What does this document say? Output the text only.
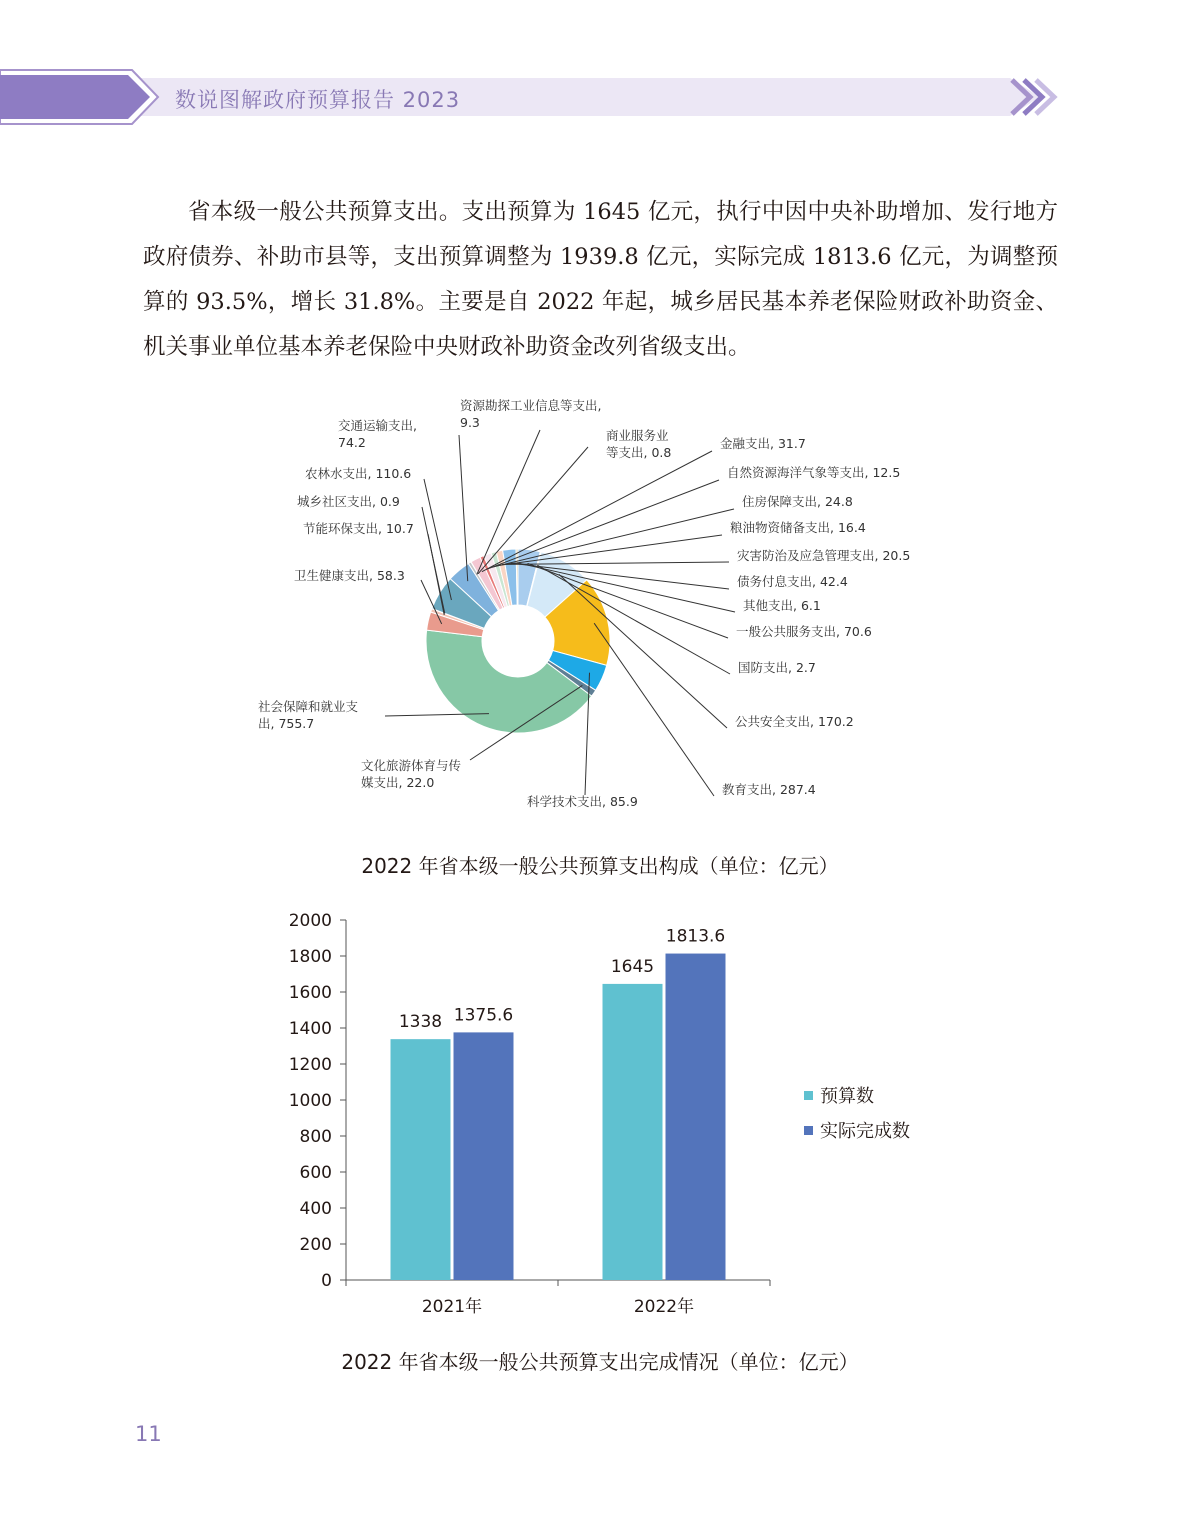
数说图解政府预算报告 2023

省本级一般公共预算支出。支出预算为 1645 亿元，执行中因中央补助增加、发行地方政府债券、补助市县等，支出预算调整为 1939.8 亿元，实际完成 1813.6 亿元，为调整预算的 93.5%，增长 31.8%。主要是自 2022 年起，城乡居民基本养老保险财政补助资金、机关事业单位基本养老保险中央财政补助资金改列省级支出。

交通运输支出, 74.2
资源勘探工业信息等支出, 9.3
商业服务业等支出, 0.8
金融支出, 31.7
自然资源海洋气象等支出, 12.5
住房保障支出, 24.8
粮油物资储备支出, 16.4
灾害防治及应急管理支出, 20.5
债务付息支出, 42.4
其他支出, 6.1
一般公共服务支出, 70.6
国防支出, 2.7
公共安全支出, 170.2
教育支出, 287.4
科学技术支出, 85.9
文化旅游体育与传媒支出, 22.0
社会保障和就业支出, 755.7
卫生健康支出, 58.3
节能环保支出, 10.7
城乡社区支出, 0.9
农林水支出, 110.6
2022 年省本级一般公共预算支出构成（单位：亿元）
0
200
400
600
800
1000
1200
1400
1600
1800
2000
1338 1375.6
2021年
1645
1813.6
2022年
预算数
实际完成数
2022 年省本级一般公共预算支出完成情况（单位：亿元）
11
